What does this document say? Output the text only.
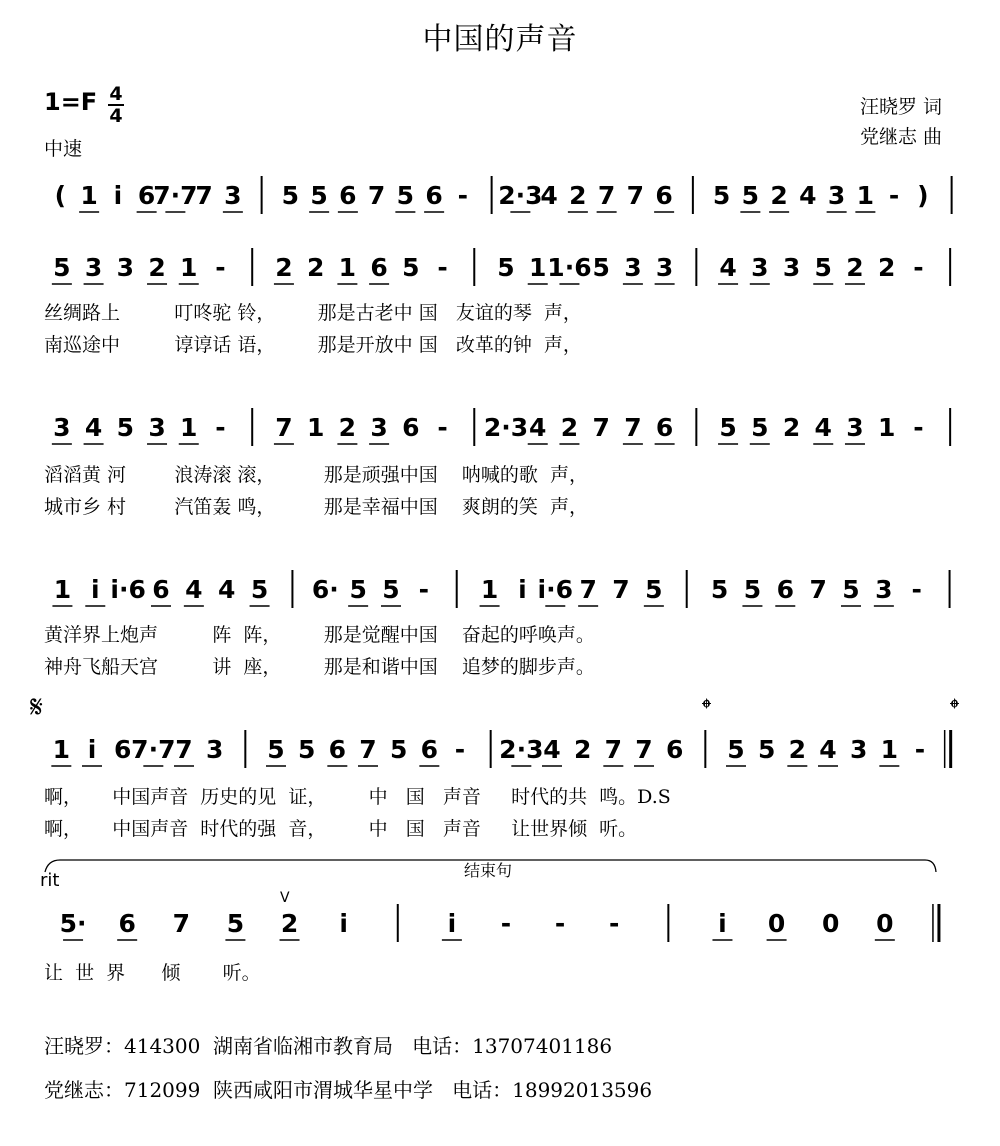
中国的声音
1=F 4
4
中速
汪晓罗 词
党继志 曲
( 1 i 6
7·7
7 3 5 5 6 7 5 6 - 2·3
4 2 7 7 6 5 5 2 4 3 1 - )
5 3 3 2 1 - 2 2 1 6 5 - 5 1 1·6 5 3 3 4 3 3 5 2 2 -
3 4 5 3 1 - 7 1 2 3 6 - 2·3 4 2 7 7 6 5 5 2 4 3 1 -
1 i i·6 6 4 4 5 6· 5 5 - 1 i i·6 7 7 5 5 5 6 7 5 3 -
1 i 6 7·7 7 3 5 5 6 7 5 6 - 2·3 4 2 7 7 6 5 5 2 4 3 1 -
5· 6 7 5 2 i	i - - -	i 0 0 0
丝绸路上         叮咚驼 铃，       那是古老中 国   友谊的琴  声，
南巡途中         谆谆话 语，       那是开放中 国   改革的钟  声，
滔滔黄 河        浪涛滚 滚，        那是顽强中国    呐喊的歌  声，
城市乡 村        汽笛轰 鸣，        那是幸福中国    爽朗的笑  声，
黄洋界上炮声         阵  阵，       那是觉醒中国    奋起的呼唤声。
神舟飞船天宫         讲  座，       那是和谐中国    追梦的脚步声。
啊，     中国声音  历史的见  证，       中   国   声音     时代的共  鸣。D.S
啊，     中国声音  时代的强  音，       中   国   声音     让世界倾  听。
让  世  界      倾       听。
𝄋	𝄌	𝄌
rit	结束句
V
汪晓罗：414300  湖南省临湘市教育局   电话：13707401186
党继志：712099  陕西咸阳市渭城华星中学   电话：18992013596
